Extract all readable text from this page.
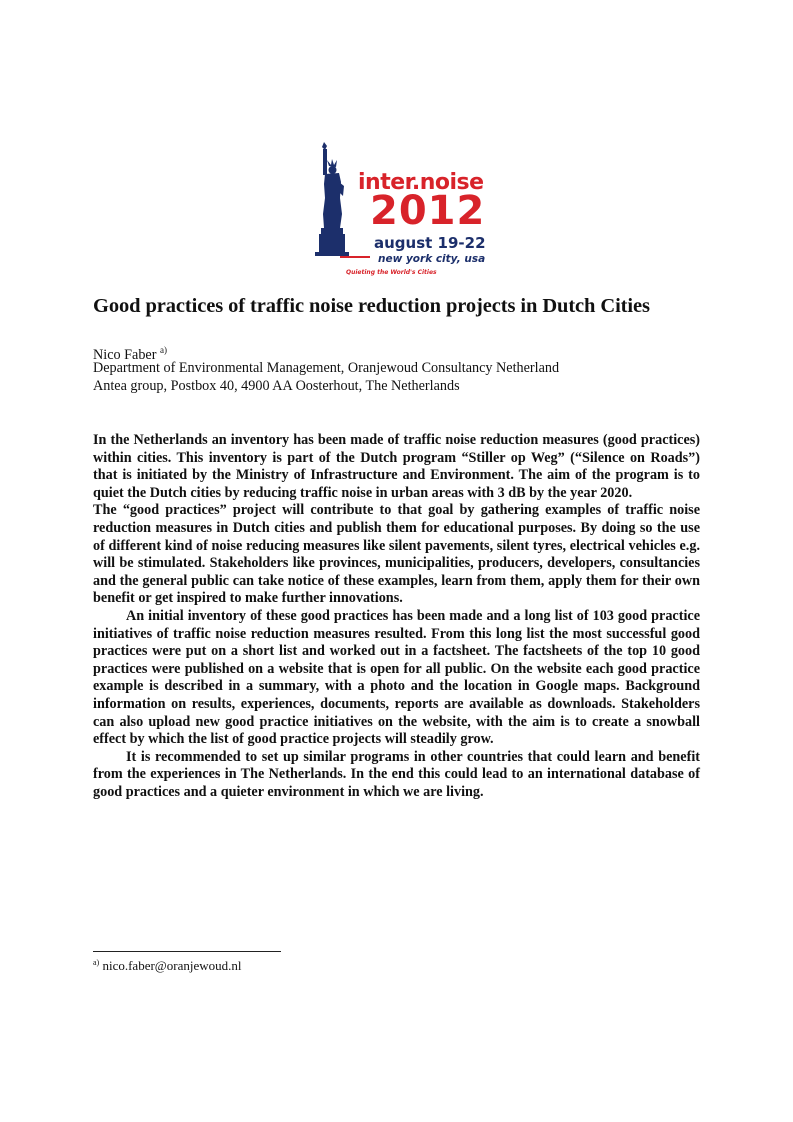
inter.noise
2012
august 19-22
new york city, usa
Quieting the World's Cities
Good practices of traffic noise reduction projects in Dutch Cities
Nico Faber $^{a)}$
Department of Environmental Management, Oranjewoud Consultancy Netherland
Antea group, Postbox 40, 4900 AA Oosterhout, The Netherlands

In the Netherlands an inventory has been made of traffic noise reduction measures (good practices) within cities. This inventory is part of the Dutch program “Stiller op Weg” (“Silence on Roads”) that is initiated by the Ministry of Infrastructure and Environment. The aim of the program is to quiet the Dutch cities by reducing traffic noise in urban areas with 3 dB by the year 2020.

The “good practices” project will contribute to that goal by gathering examples of traffic noise reduction measures in Dutch cities and publish them for educational purposes. By doing so the use of different kind of noise reducing measures like silent pavements, silent tyres, electrical vehicles e.g. will be stimulated. Stakeholders like provinces, municipalities, producers, developers, consultancies and the general public can take notice of these examples, learn from them, apply them for their own benefit or get inspired to make further innovations.

An initial inventory of these good practices has been made and a long list of 103 good practice initiatives of traffic noise reduction measures resulted. From this long list the most successful good practices were put on a short list and worked out in a factsheet. The factsheets of the top 10 good practices were published on a website that is open for all public. On the website each good practice example is described in a summary, with a photo and the location in Google maps. Background information on results, experiences, documents, reports are available as downloads. Stakeholders can also upload new good practice initiatives on the website, with the aim is to create a snowball effect by which the list of good practice projects will steadily grow.

It is recommended to set up similar programs in other countries that could learn and benefit from the experiences in The Netherlands. In the end this could lead to an international database of good practices and a quieter environment in which we are living.

$^{a)}$ nico.faber@oranjewoud.nl
